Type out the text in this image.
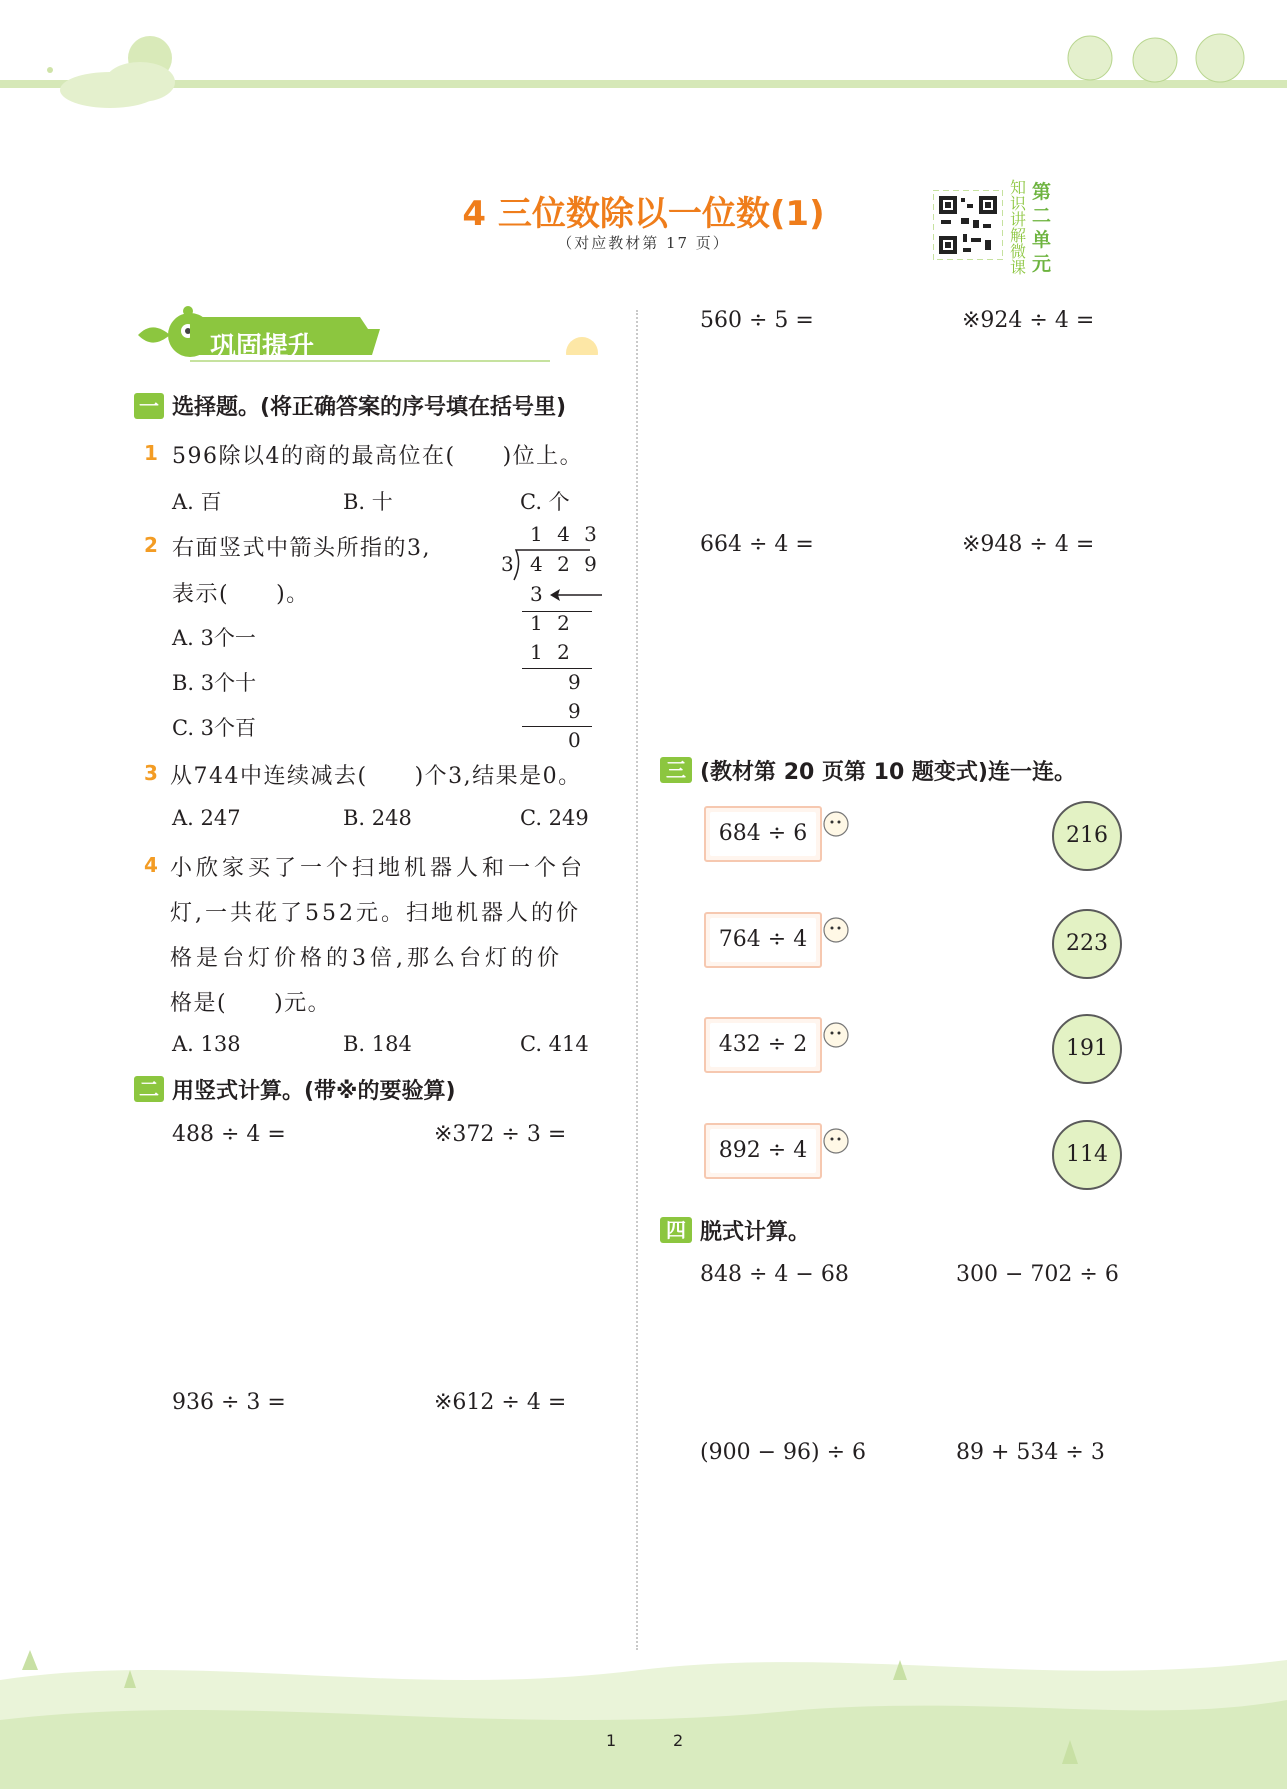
4 三位数除以一位数(1)
（对应教材第 17 页）
知识讲解微课
第二单元
巩固提升
一 选择题。(将正确答案的序号填在括号里)
1 596除以4的商的最高位在(　　)位上。
A. 百	B. 十	C. 个
2 右面竖式中箭头所指的3,
表示(　　)。
A. 3个一
B. 3个十
C. 3个百
1 4 3
3 4 2 9
3
1 2
1 2
9
9
0
3 从744中连续减去(　　)个3,结果是0。
A. 247	B. 248	C. 249
4 小欣家买了一个扫地机器人和一个台
灯,一共花了552元。扫地机器人的价
格是台灯价格的3倍,那么台灯的价
格是(　　)元。
A. 138	B. 184	C. 414
二 用竖式计算。(带※的要验算)
488 ÷ 4 =	※372 ÷ 3 =
936 ÷ 3 =	※612 ÷ 4 =
560 ÷ 5 =	※924 ÷ 4 =
664 ÷ 4 =	※948 ÷ 4 =
三 (教材第 20 页第 10 题变式)连一连。
684 ÷ 6
764 ÷ 4
432 ÷ 2
892 ÷ 4
216
223
191
114
四 脱式计算。
848 ÷ 4 − 68	300 − 702 ÷ 6
(900 − 96) ÷ 6	89 + 534 ÷ 3
1	2
